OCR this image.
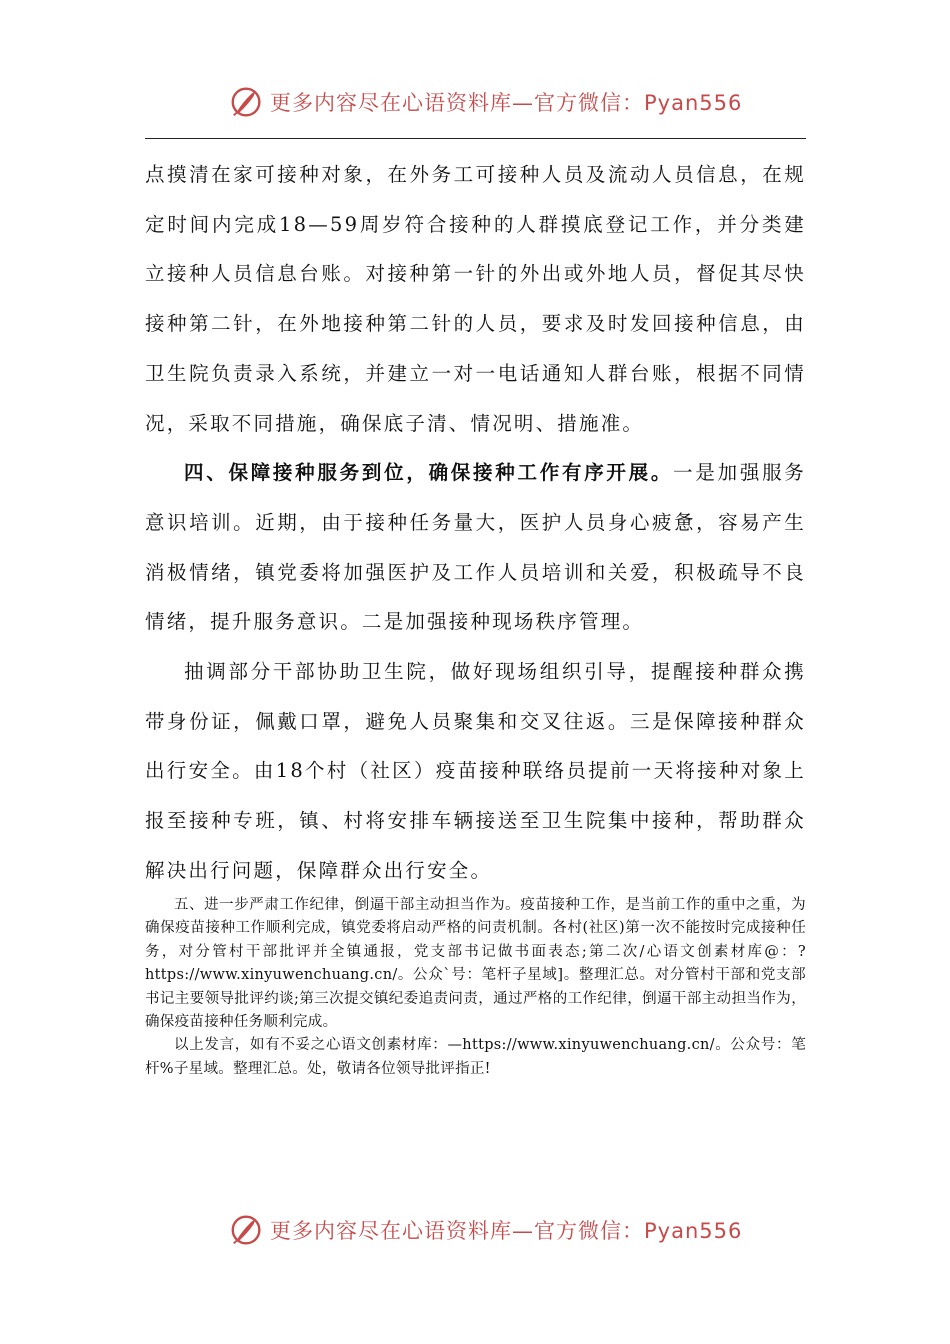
更多内容尽在心语资料库—官方微信：Pyan556

点摸清在家可接种对象，在外务工可接种人员及流动人员信息，在规定时间内完成18—59周岁符合接种的人群摸底登记工作，并分类建立接种人员信息台账。对接种第一针的外出或外地人员，督促其尽快接种第二针，在外地接种第二针的人员，要求及时发回接种信息，由卫生院负责录入系统，并建立一对一电话通知人群台账，根据不同情况，采取不同措施，确保底子清、情况明、措施准。

四、保障接种服务到位，确保接种工作有序开展。一是加强服务意识培训。近期，由于接种任务量大，医护人员身心疲惫，容易产生消极情绪，镇党委将加强医护及工作人员培训和关爱，积极疏导不良情绪，提升服务意识。二是加强接种现场秩序管理。

抽调部分干部协助卫生院，做好现场组织引导，提醒接种群众携带身份证，佩戴口罩，避免人员聚集和交叉往返。三是保障接种群众出行安全。由18个村（社区）疫苗接种联络员提前一天将接种对象上报至接种专班，镇、村将安排车辆接送至卫生院集中接种，帮助群众解决出行问题，保障群众出行安全。

五、进一步严肃工作纪律，倒逼干部主动担当作为。疫苗接种工作，是当前工作的重中之重，为确保疫苗接种工作顺利完成，镇党委将启动严格的问责机制。各村(社区)第一次不能按时完成接种任务，对分管村干部批评并全镇通报，党支部书记做书面表态;第二次/心语文创素材库@：?https://www.xinyuwenchuang.cn/。公众`号：笔杆子星域]。整理汇总。对分管村干部和党支部书记主要领导批评约谈;第三次提交镇纪委追责问责，通过严格的工作纪律，倒逼干部主动担当作为，确保疫苗接种任务顺利完成。

以上发言，如有不妥之心语文创素材库：—https://www.xinyuwenchuang.cn/。公众号：笔杆%子星域。整理汇总。处，敬请各位领导批评指正!

更多内容尽在心语资料库—官方微信：Pyan556
